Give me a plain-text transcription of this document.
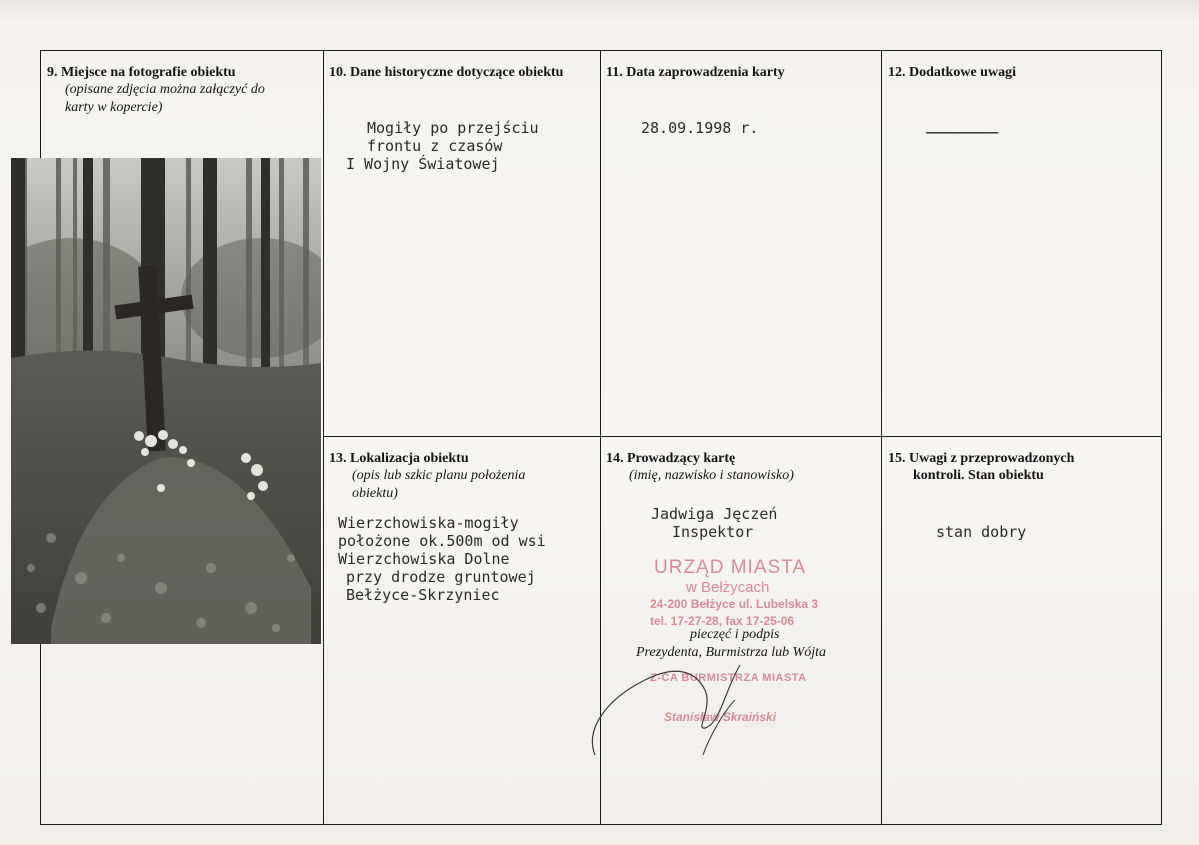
9. Miejsce na fotografie obiektu
(opisane zdjęcia można załączyć do
karty w kopercie)
10. Dane historyczne dotyczące obiektu
Mogiły po przejściu
frontu z czasów
I Wojny Światowej
11. Data zaprowadzenia karty
28.09.1998 r.
12. Dodatkowe uwagi
________
13. Lokalizacja obiektu
(opis lub szkic planu położenia
obiektu)
Wierzchowiska-mogiły
położone ok.500m od wsi
Wierzchowiska Dolne
przy drodze gruntowej
Bełżyce-Skrzyniec
14. Prowadzący kartę
(imię, nazwisko i stanowisko)
Jadwiga Jęczeń
Inspektor
URZĄD MIASTA
w Bełżycach
24-200 Bełżyce ul. Lubelska 3
tel. 17-27-28, fax 17-25-06
pieczęć i podpis
Prezydenta, Burmistrza lub Wójta
Z-CA BURMISTRZA MIASTA
Stanisław Skraiński
15. Uwagi z przeprowadzonych
kontroli. Stan obiektu
stan dobry
